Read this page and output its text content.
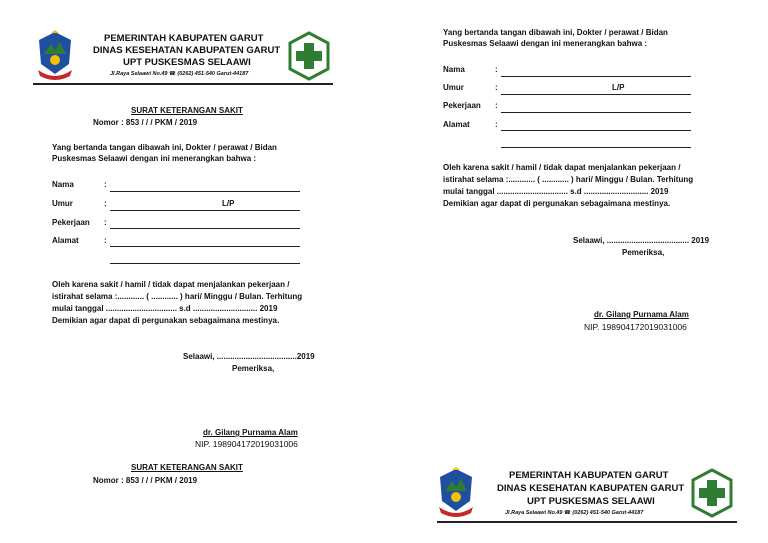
PEMERINTAH KABUPATEN GARUT
DINAS KESEHATAN KABUPATEN GARUT
UPT PUSKESMAS SELAAWI
Jl.Raya Selaawi No.49 ☎ (0262) 451-540 Garut-44187
SURAT KETERANGAN SAKIT
Nomor : 853 / / / PKM / 2019
Yang bertanda tangan dibawah ini, Dokter / perawat / Bidan
Puskesmas Selaawi dengan ini menerangkan bahwa :
Nama	:
Umur	:	L/P
Pekerjaan :
Alamat	:
Oleh karena sakit / hamil / tidak dapat menjalankan pekerjaan /
istirahat selama :............ ( ............ ) hari/ Minggu / Bulan. Terhitung
mulai tanggal ................................ s.d ............................. 2019
Demikian agar dapat di pergunakan sebagaimana mestinya.
Selaawi, ....................................2019
Pemeriksa,
dr. Gilang Purnama Alam
NIP. 198904172019031006
SURAT KETERANGAN SAKIT
Nomor : 853 / / / PKM / 2019
Yang bertanda tangan dibawah ini, Dokter / perawat / Bidan
Puskesmas Selaawi dengan ini menerangkan bahwa :
Nama	:
Umur	:	L/P
Pekerjaan :
Alamat	:
Oleh karena sakit / hamil / tidak dapat menjalankan pekerjaan /
istirahat selama :............ ( ............ ) hari/ Minggu / Bulan. Terhitung
mulai tanggal ................................ s.d ............................. 2019
Demikian agar dapat di pergunakan sebagaimana mestinya.
Selaawi, ..................................... 2019
Pemeriksa,
dr. Gilang Purnama Alam
NIP. 198904172019031006
PEMERINTAH KABUPATEN GARUT
DINAS KESEHATAN KABUPATEN GARUT
UPT PUSKESMAS SELAAWI
Jl.Raya Selaawi No.49 ☎ (0262) 451-540 Garut-44187
